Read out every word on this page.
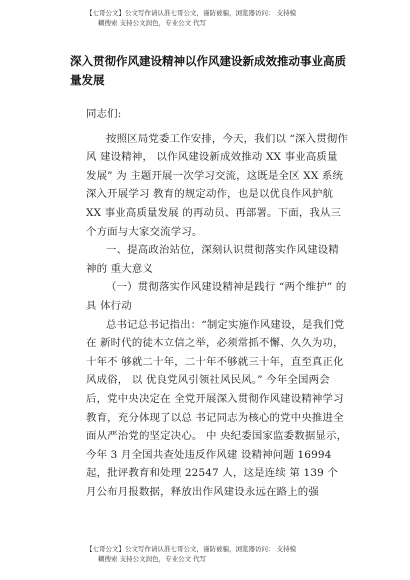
【七哥公文】公文写作请认准七哥公文，谨防被骗，浏览器访问： 支持模
糊搜索 支持公文润色，专业公文 代写
深入贯彻作风建设精神以作风建设新成效推动事业高质量发展

同志们:

按照区局党委工作安排，今天，我们以 “深入贯彻作风 建设精神， 以作风建设新成效推动 XX 事业高质量发展” 为 主题开展一次学习交流，这既是全区 XX 系统深入开展学习 教育的规定动作，也是以优良作风护航 XX 事业高质量发展 的再动员、再部署。下面，我从三个方面与大家交流学习。

一、提高政治站位，深刻认识贯彻落实作风建设精神的 重大意义

（一）贯彻落实作风建设精神是践行 “两个维护” 的具 体行动

总书记总书记指出：“制定实施作风建设，是我们党在 新时代的徒木立信之举，必须常抓不懈、久久为功，十年不 够就二十年，二十年不够就三十年，直至真正化风成俗， 以 优良党风引领社风民风。” 今年全国两会后，党中央决定在 全党开展深入贯彻作风建设精神学习教育，充分体现了以总 书记同志为核心的党中央推进全面从严治党的坚定决心。 中 央纪委国家监委数据显示，今年 3 月全国共查处违反作风建 设精神问题 16994 起，批评教育和处理 22547 人，这是连续 第 139 个月公布月报数据，释放出作风建设永远在路上的强

【七哥公文】公文写作请认准七哥公文，谨防被骗，浏览器访问： 支持模
糊搜索 支持公文润色，专业公文 代写
